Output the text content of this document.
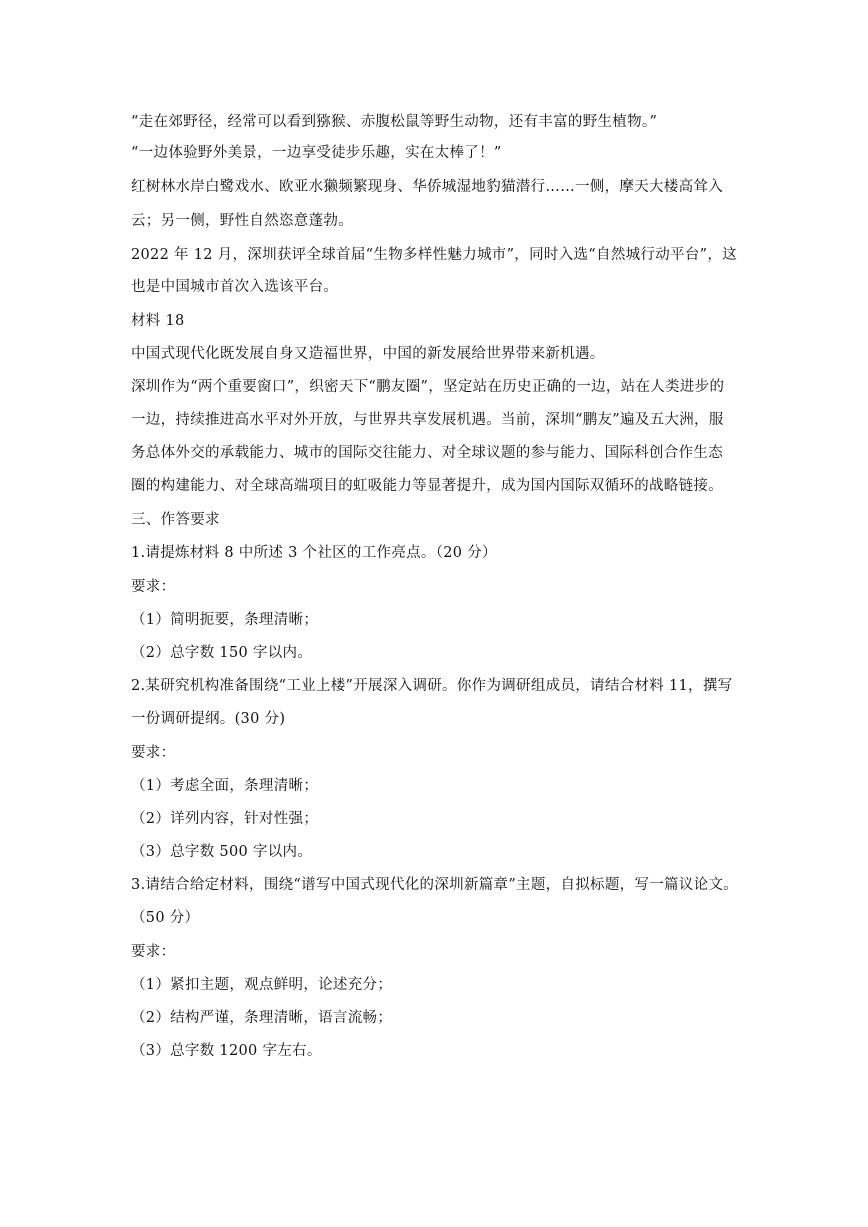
“走在郊野径，经常可以看到猕猴、赤腹松鼠等野生动物，还有丰富的野生植物。”
“一边体验野外美景，一边享受徒步乐趣，实在太棒了！”
红树林水岸白鹭戏水、欧亚水獭频繁现身、华侨城湿地豹猫潜行……一侧，摩天大楼高耸入
云；另一侧，野性自然恣意蓬勃。
2022 年 12 月，深圳获评全球首届“生物多样性魅力城市”，同时入选“自然城行动平台”，这
也是中国城市首次入选该平台。
材料 18
中国式现代化既发展自身又造福世界，中国的新发展给世界带来新机遇。
深圳作为“两个重要窗口”，织密天下“鹏友圈”，坚定站在历史正确的一边，站在人类进步的
一边，持续推进高水平对外开放，与世界共享发展机遇。当前，深圳“鹏友”遍及五大洲，服
务总体外交的承载能力、城市的国际交往能力、对全球议题的参与能力、国际科创合作生态
圈的构建能力、对全球高端项目的虹吸能力等显著提升，成为国内国际双循环的战略链接。
三、作答要求
1.请提炼材料 8 中所述 3 个社区的工作亮点。（20 分）
要求：
（1）简明扼要，条理清晰；
（2）总字数 150 字以内。
2.某研究机构准备围绕“工业上楼”开展深入调研。你作为调研组成员，请结合材料 11，撰写
一份调研提纲。(30 分)
要求：
（1）考虑全面，条理清晰；
（2）详列内容，针对性强；
（3）总字数 500 字以内。
3.请结合给定材料，围绕“谱写中国式现代化的深圳新篇章”主题，自拟标题，写一篇议论文。
（50 分）
要求：
（1）紧扣主题，观点鲜明，论述充分；
（2）结构严谨，条理清晰，语言流畅；
（3）总字数 1200 字左右。
